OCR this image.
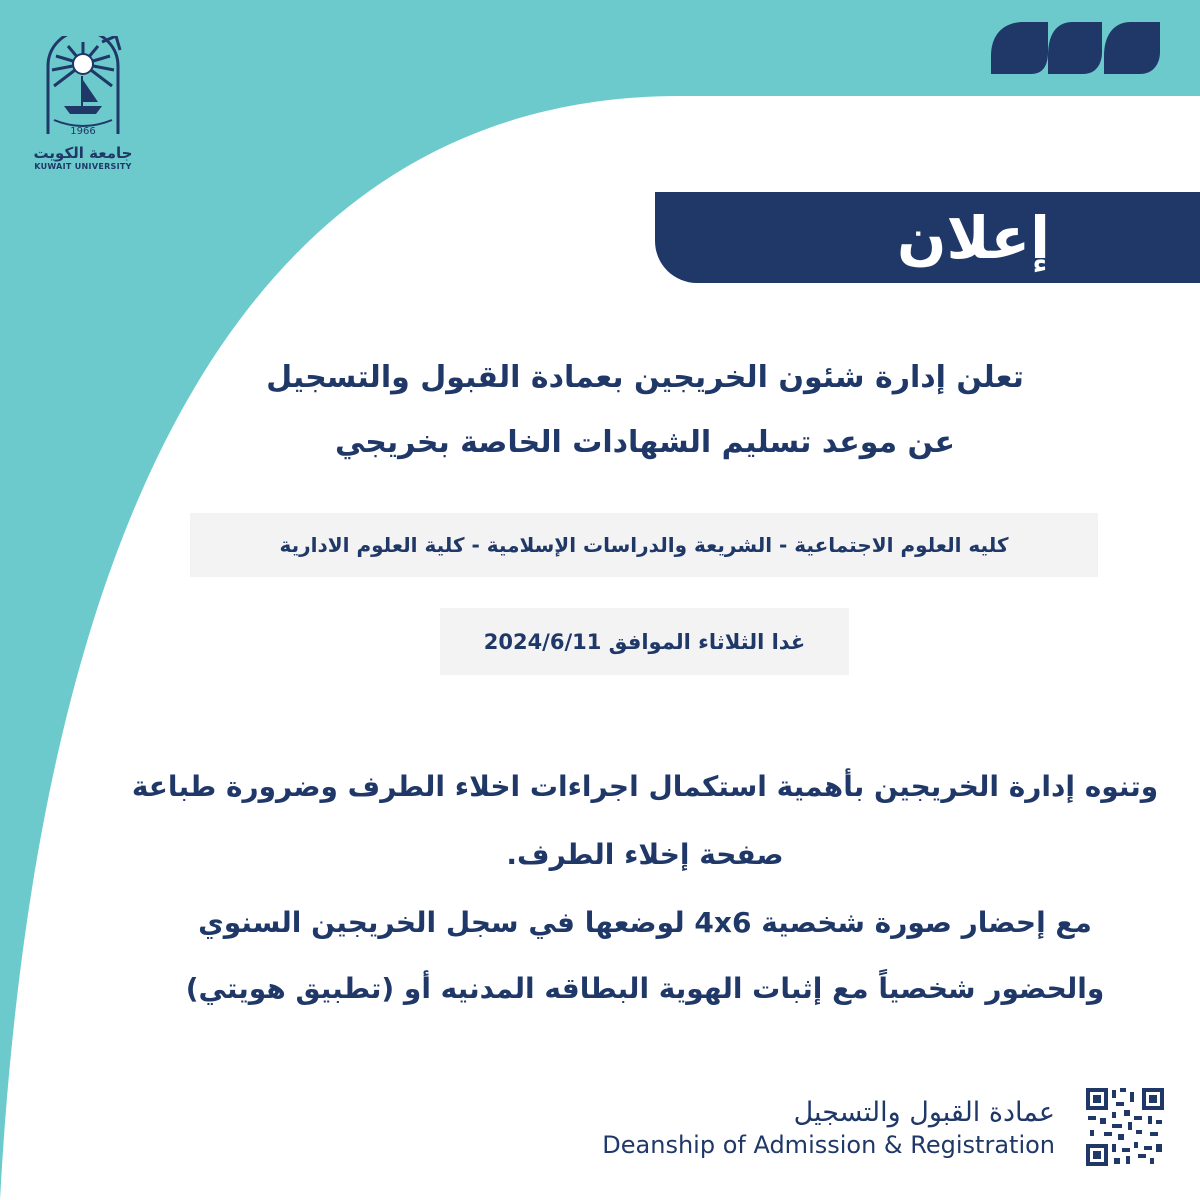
1966
جامعة الكويت
KUWAIT UNIVERSITY
إعلان
تعلن إدارة شئون الخريجين بعمادة القبول والتسجيل
عن موعد تسليم الشهادات الخاصة بخريجي
كليه العلوم الاجتماعية - الشريعة والدراسات الإسلامية - كلية العلوم الادارية
غدا الثلاثاء الموافق 2024/6/11
وتنوه إدارة الخريجين بأهمية استكمال اجراءات اخلاء الطرف وضرورة طباعة
صفحة إخلاء الطرف.
مع إحضار صورة شخصية 4x6 لوضعها في سجل الخريجين السنوي
والحضور شخصياً مع إثبات الهوية البطاقه المدنيه أو (تطبيق هويتي)
عمادة القبول والتسجيل
Deanship of Admission & Registration
